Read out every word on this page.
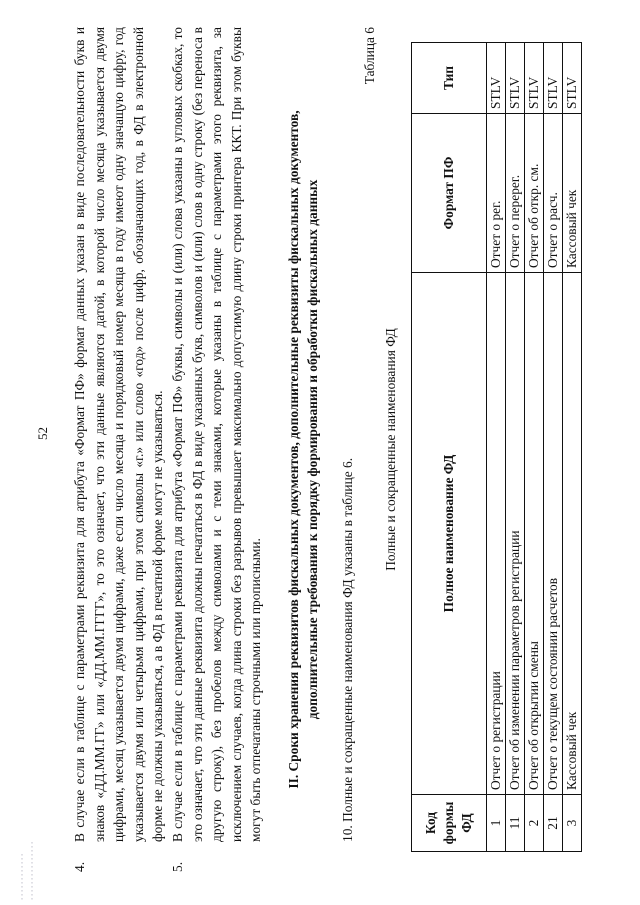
52
4.
В случае если в таблице с параметрами реквизита для атрибута «Формат ПФ» формат данных указан в виде последовательности букв и знаков «ДД.ММ.ГГ» или «ДД.ММ.ГГГГ», то это означает, что эти данные являются датой, в которой число месяца указывается двумя цифрами, месяц указывается двумя цифрами, даже если число месяца и порядковый номер месяца в году имеют одну значащую цифру, год указывается двумя или четырьмя цифрами, при этом символы «г.» или слово «год» после цифр, обозначающих год, в ФД в электронной форме не должны указываться, а в ФД в печатной форме могут не указываться.
5.
В случае если в таблице с параметрами реквизита для атрибута «Формат ПФ» буквы, символы и (или) слова указаны в угловых скобках, то это означает, что эти данные реквизита должны печататься в ФД в виде указанных букв, символов и (или) слов в одну строку (без переноса в другую строку), без пробелов между символами и с теми знаками, которые указаны в таблице с параметрами этого реквизита, за исключением случаев, когда длина строки без разрывов превышает максимально допустимую длину строки принтера ККТ. При этом буквы могут быть отпечатаны строчными или прописными. II. Сроки хранения реквизитов фискальных документов, дополнительные реквизиты фискальных документов, дополнительные требования к порядку формирования и обработки фискальных данных 10. Полные и сокращенные наименования ФД указаны в таблице 6.
Таблица 6
Полные и сокращенные наименования ФД
Код формы ФД	Полное наименование ФД	Формат ПФ	Тип
1	Отчет о регистрации	Отчет о рег.	STLV
11	Отчет об изменении параметров регистрации	Отчет о перерег.	STLV
2	Отчет об открытии смены	Отчет об откр. см.	STLV
21	Отчет о текущем состоянии расчетов	Отчет о расч.	STLV
3	Кассовый чек	Кассовый чек	STLV
· · · · · · · · · · · · · · · · · · · · · · · · · · ·
